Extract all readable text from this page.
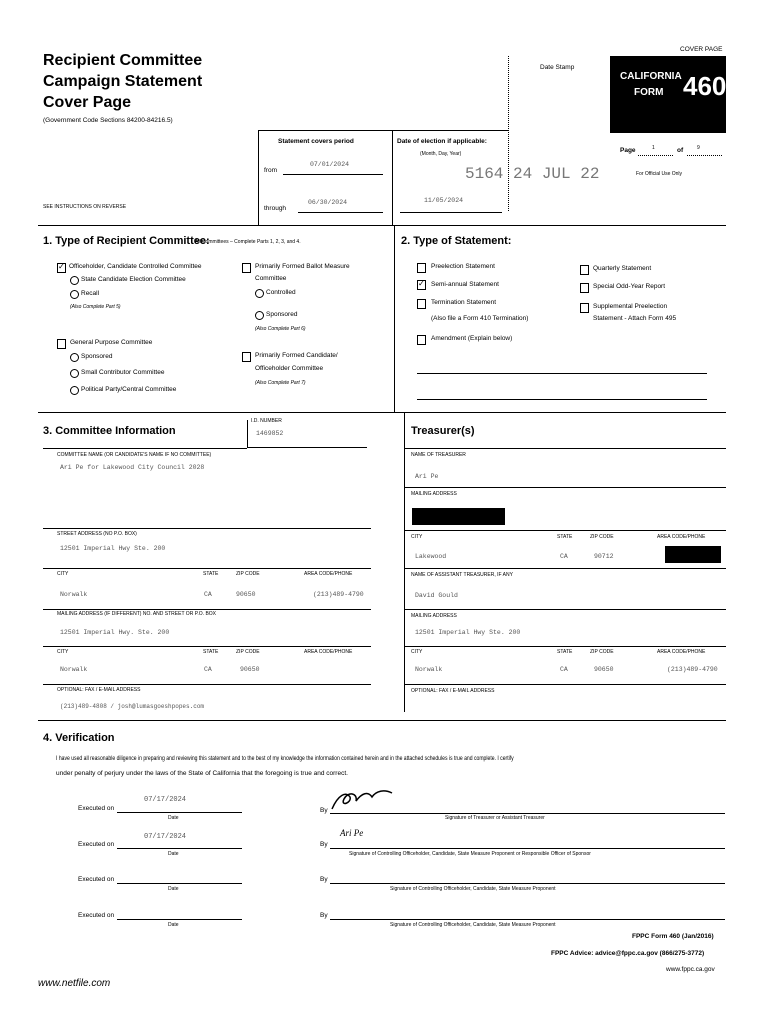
Recipient Committee
Campaign Statement
Cover Page
(Government Code Sections 84200-84216.5)
COVER PAGE
Date Stamp
CALIFORNIA
FORM 460
Page	1	of	9
For Official Use Only
SEE INSTRUCTIONS ON REVERSE
Statement covers period
from
07/01/2024
through
06/30/2024
Date of election if applicable:
(Month, Day, Year)
5164 24 JUL 22
11/05/2024
1. Type of Recipient Committee:
All Committees – Complete Parts 1, 2, 3, and 4.
✓
Officeholder, Candidate Controlled Committee
State Candidate Election Committee
Recall
(Also Complete Part 5)
General Purpose Committee
Sponsored
Small Contributor Committee
Political Party/Central Committee
Primarily Formed Ballot Measure
Committee
Controlled
Sponsored
(Also Complete Part 6)
Primarily Formed Candidate/
Officeholder Committee
(Also Complete Part 7)
2. Type of Statement:
Preelection Statement
✓
Semi-annual Statement
Termination Statement
(Also file a Form 410 Termination)
Amendment (Explain below)
Quarterly Statement
Special Odd-Year Report
Supplemental Preelection
Statement - Attach Form 495
3. Committee Information
I.D. NUMBER
1469852
COMMITTEE NAME (OR CANDIDATE'S NAME IF NO COMMITTEE)
Ari Pe for Lakewood City Council 2028
STREET ADDRESS (NO P.O. BOX)
12501 Imperial Hwy Ste. 200
CITY	STATE	ZIP CODE	AREA CODE/PHONE
Norwalk	CA	90650	(213)489-4790
MAILING ADDRESS (IF DIFFERENT) NO. AND STREET OR P.O. BOX
12501 Imperial Hwy. Ste. 200
CITY	STATE	ZIP CODE	AREA CODE/PHONE
Norwalk	CA	90650
OPTIONAL: FAX / E-MAIL ADDRESS
(213)489-4808 / josh@lumasgoeshpopes.com
Treasurer(s)
NAME OF TREASURER
Ari Pe
MAILING ADDRESS
CITY	STATE	ZIP CODE	AREA CODE/PHONE
Lakewood	CA	90712
NAME OF ASSISTANT TREASURER, IF ANY
David Gould
MAILING ADDRESS
12501 Imperial Hwy Ste. 200
CITY	STATE	ZIP CODE	AREA CODE/PHONE
Norwalk	CA	90650	(213)489-4790
OPTIONAL: FAX / E-MAIL ADDRESS
4. Verification
I have used all reasonable diligence in preparing and reviewing this statement and to the best of my knowledge the information contained herein and in the attached schedules is true and complete. I certify
under penalty of perjury under the laws of the State of California that the foregoing is true and correct.
Executed on
07/17/2024
Date
By
Signature of Treasurer or Assistant Treasurer
Executed on
07/17/2024
Date
By
Ari Pe
Signature of Controlling Officeholder, Candidate, State Measure Proponent or Responsible Officer of Sponsor
Executed on
Date
By
Signature of Controlling Officeholder, Candidate, State Measure Proponent
Executed on
Date
By
Signature of Controlling Officeholder, Candidate, State Measure Proponent
FPPC Form 460 (Jan/2016)
FPPC Advice: advice@fppc.ca.gov (866/275-3772)
www.fppc.ca.gov
www.netfile.com
